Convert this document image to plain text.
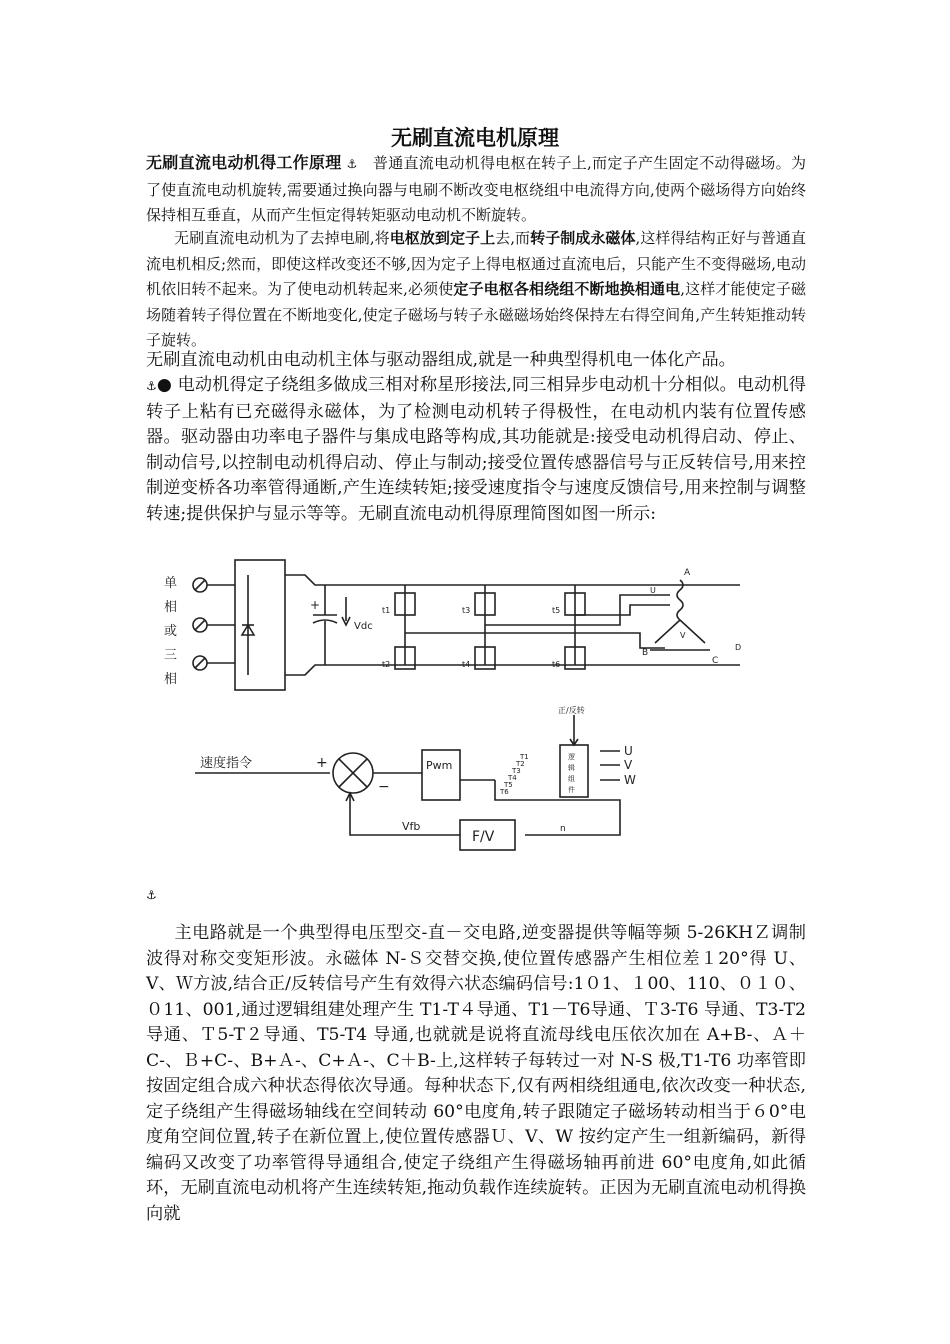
无刷直流电机原理
无刷直流电动机得工作原理 ⚓︎ 普通直流电动机得电枢在转子上,而定子产生固定不动得磁场。为了使直流电动机旋转,需要通过换向器与电刷不断改变电枢绕组中电流得方向,使两个磁场得方向始终保持相互垂直，从而产生恒定得转矩驱动电动机不断旋转。
无刷直流电动机为了去掉电刷,将电枢放到定子上去,而转子制成永磁体,这样得结构正好与普通直流电机相反;然而，即使这样改变还不够,因为定子上得电枢通过直流电后，只能产生不变得磁场,电动机依旧转不起来。为了使电动机转起来,必须使定子电枢各相绕组不断地换相通电,这样才能使定子磁场随着转子得位置在不断地变化,使定子磁场与转子永磁磁场始终保持左右得空间角,产生转矩推动转子旋转。
无刷直流电动机由电动机主体与驱动器组成,就是一种典型得机电一体化产品。
⚓︎● 电动机得定子绕组多做成三相对称星形接法,同三相异步电动机十分相似。电动机得转子上粘有已充磁得永磁体，为了检测电动机转子得极性，在电动机内装有位置传感器。驱动器由功率电子器件与集成电路等构成,其功能就是:接受电动机得启动、停止、制动信号,以控制电动机得启动、停止与制动;接受位置传感器信号与正反转信号,用来控制逆变桥各功率管得通断,产生连续转矩;接受速度指令与速度反馈信号,用来控制与调整转速;提供保护与显示等等。无刷直流电动机得原理简图如图一所示:
单
相
或
三
相
Vdc
+	t1	t3	t5
t2	t4	t6
A
B
C
U
V
D
速度指令	+
−
Pwm
正/反转
逻
辑
组
件
T1
T2
T3
T4
T5
T6
U
V
W
Vfb
F/V	n
⚓︎
主电路就是一个典型得电压型交-直－交电路,逆变器提供等幅等频 5-26KHＺ调制波得对称交变矩形波。永磁体 N-Ｓ交替交换,使位置传感器产生相位差１20°得 U、V、Ｗ方波,结合正/反转信号产生有效得六状态编码信号:1０1、１00、110、０１０、０11、001,通过逻辑组建处理产生 T1-T４导通、T1－T6导通、Ｔ3-T6 导通、T3-T2 导通、Ｔ5-T２导通、T5-T4 导通,也就就是说将直流母线电压依次加在 A+B-、Ａ＋C-、Ｂ+C-、B+Ａ-、C+Ａ-、C＋B-上,这样转子每转过一对 N-S 极,T1-T6 功率管即按固定组合成六种状态得依次导通。每种状态下,仅有两相绕组通电,依次改变一种状态,定子绕组产生得磁场轴线在空间转动 60°电度角,转子跟随定子磁场转动相当于６0°电度角空间位置,转子在新位置上,使位置传感器Ｕ、V、W 按约定产生一组新编码，新得编码又改变了功率管得导通组合,使定子绕组产生得磁场轴再前进 60°电度角,如此循环，无刷直流电动机将产生连续转矩,拖动负载作连续旋转。正因为无刷直流电动机得换向就
